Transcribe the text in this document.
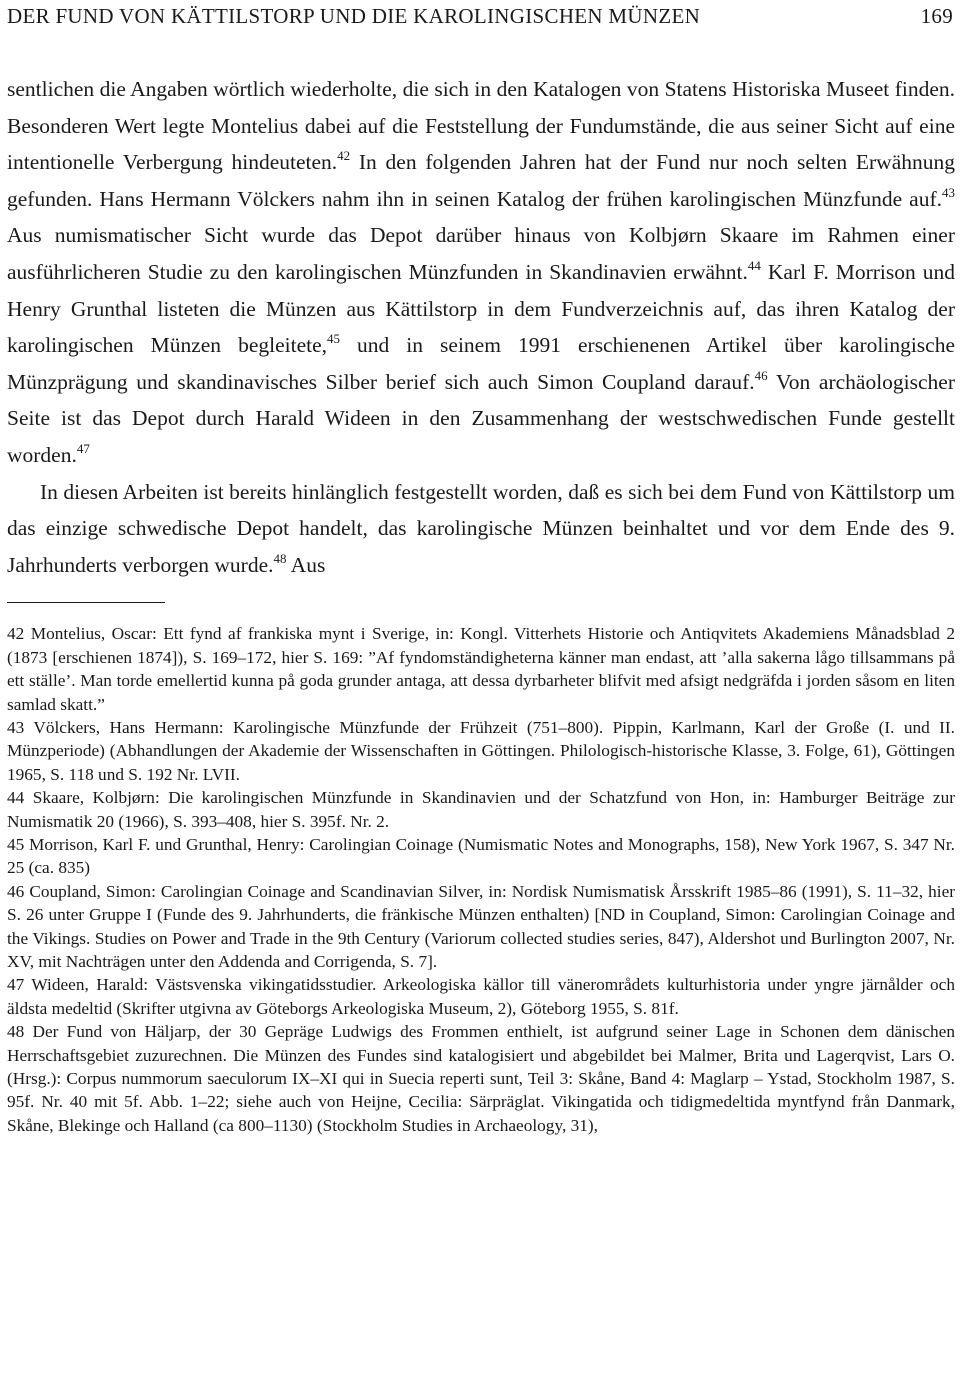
DER FUND VON KÄTTILSTORP UND DIE KAROLINGISCHEN MÜNZEN	169

sentlichen die Angaben wörtlich wiederholte, die sich in den Katalogen von Statens Historiska Museet finden. Besonderen Wert legte Montelius dabei auf die Feststellung der Fundumstände, die aus seiner Sicht auf eine intentionelle Verbergung hindeuteten.$^{42}$ In den folgenden Jahren hat der Fund nur noch selten Erwähnung gefunden. Hans Hermann Völckers nahm ihn in seinen Katalog der frühen karolingischen Münzfunde auf.$^{43}$ Aus numismatischer Sicht wurde das Depot darüber hinaus von Kolbjørn Skaare im Rahmen einer ausführlicheren Studie zu den karolingischen Münzfunden in Skandinavien erwähnt.$^{44}$ Karl F. Morrison und Henry Grunthal listeten die Münzen aus Kättilstorp in dem Fundverzeichnis auf, das ihren Katalog der karolingischen Münzen begleitete,$^{45}$ und in seinem 1991 erschienenen Artikel über karolingische Münzprägung und skandinavisches Silber berief sich auch Simon Coupland darauf.$^{46}$ Von archäologischer Seite ist das Depot durch Harald Wideen in den Zusammenhang der westschwedischen Funde gestellt worden.$^{47}$

In diesen Arbeiten ist bereits hinlänglich festgestellt worden, daß es sich bei dem Fund von Kättilstorp um das einzige schwedische Depot handelt, das karolingische Münzen beinhaltet und vor dem Ende des 9. Jahrhunderts verborgen wurde.$^{48}$ Aus

42 Montelius, Oscar: Ett fynd af frankiska mynt i Sverige, in: Kongl. Vitterhets Historie och Antiqvitets Akademiens Månadsblad 2 (1873 [erschienen 1874]), S. 169–172, hier S. 169: ”Af fyndomständigheterna känner man endast, att ’alla sakerna lågo tillsammans på ett ställe’. Man torde emellertid kunna på goda grunder antaga, att dessa dyrbarheter blifvit med afsigt nedgräfda i jorden såsom en liten samlad skatt.”

43 Völckers, Hans Hermann: Karolingische Münzfunde der Frühzeit (751–800). Pippin, Karlmann, Karl der Große (I. und II. Münzperiode) (Abhandlungen der Akademie der Wissenschaften in Göttingen. Philologisch-historische Klasse, 3. Folge, 61), Göttingen 1965, S. 118 und S. 192 Nr. LVII.

44 Skaare, Kolbjørn: Die karolingischen Münzfunde in Skandinavien und der Schatzfund von Hon, in: Hamburger Beiträge zur Numismatik 20 (1966), S. 393–408, hier S. 395f. Nr. 2.

45 Morrison, Karl F. und Grunthal, Henry: Carolingian Coinage (Numismatic Notes and Monographs, 158), New York 1967, S. 347 Nr. 25 (ca. 835)

46 Coupland, Simon: Carolingian Coinage and Scandinavian Silver, in: Nordisk Numismatisk Årsskrift 1985–86 (1991), S. 11–32, hier S. 26 unter Gruppe I (Funde des 9. Jahrhunderts, die fränkische Münzen enthalten) [ND in Coupland, Simon: Carolingian Coinage and the Vikings. Studies on Power and Trade in the 9th Century (Variorum collected studies series, 847), Aldershot und Burlington 2007, Nr. XV, mit Nachträgen unter den Addenda and Corrigenda, S. 7].

47 Wideen, Harald: Västsvenska vikingatidsstudier. Arkeologiska källor till vänerområdets kulturhistoria under yngre järnålder och äldsta medeltid (Skrifter utgivna av Göteborgs Arkeologiska Museum, 2), Göteborg 1955, S. 81f.

48 Der Fund von Häljarp, der 30 Gepräge Ludwigs des Frommen enthielt, ist aufgrund seiner Lage in Schonen dem dänischen Herrschaftsgebiet zuzurechnen. Die Münzen des Fundes sind katalogisiert und abgebildet bei Malmer, Brita und Lagerqvist, Lars O. (Hrsg.): Corpus nummorum saeculorum IX–XI qui in Suecia reperti sunt, Teil 3: Skåne, Band 4: Maglarp – Ystad, Stockholm 1987, S. 95f. Nr. 40 mit 5f. Abb. 1–22; siehe auch von Heijne, Cecilia: Särpräglat. Vikingatida och tidigmedeltida myntfynd från Danmark, Skåne, Blekinge och Halland (ca 800–1130) (Stockholm Studies in Archaeology, 31),
